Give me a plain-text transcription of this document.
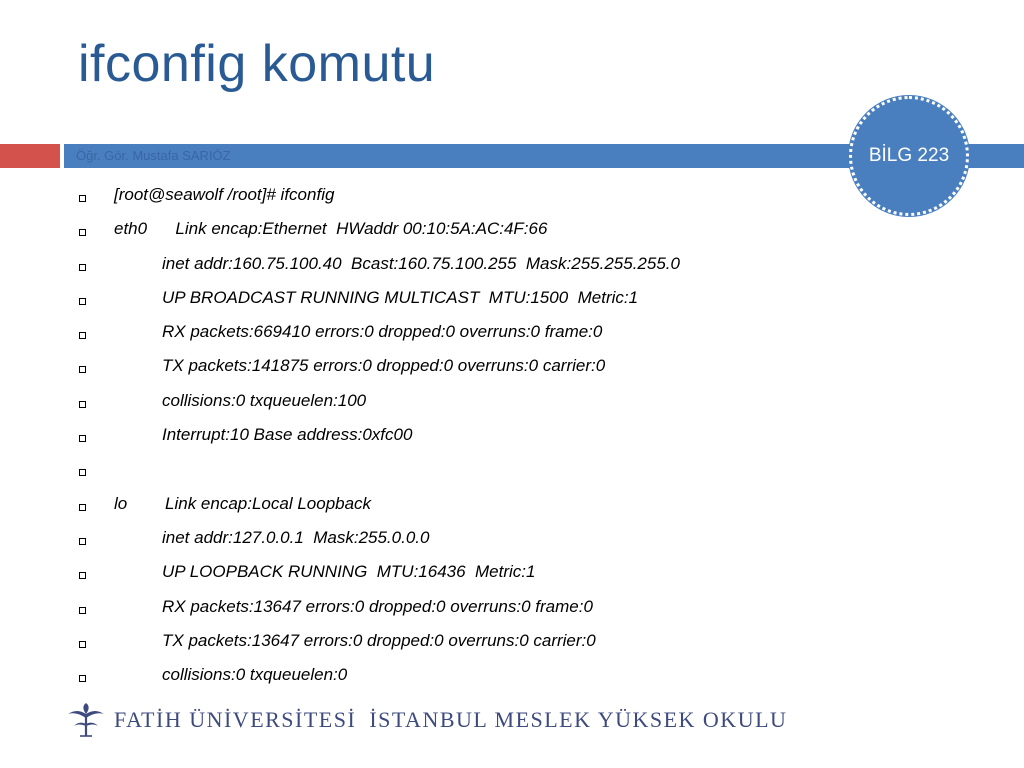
ifconfig komutu
Öğr. Gör. Mustafa SARIÖZ	BİLG 223
[root@seawolf /root]# ifconfig
eth0      Link encap:Ethernet  HWaddr 00:10:5A:AC:4F:66
inet addr:160.75.100.40  Bcast:160.75.100.255  Mask:255.255.255.0
UP BROADCAST RUNNING MULTICAST  MTU:1500  Metric:1
RX packets:669410 errors:0 dropped:0 overruns:0 frame:0
TX packets:141875 errors:0 dropped:0 overruns:0 carrier:0
collisions:0 txqueuelen:100
Interrupt:10 Base address:0xfc00
lo        Link encap:Local Loopback
inet addr:127.0.0.1  Mask:255.0.0.0
UP LOOPBACK RUNNING  MTU:16436  Metric:1
RX packets:13647 errors:0 dropped:0 overruns:0 frame:0
TX packets:13647 errors:0 dropped:0 overruns:0 carrier:0
collisions:0 txqueuelen:0
FATİH ÜNİVERSİTESİ İSTANBUL MESLEK YÜKSEK OKULU
